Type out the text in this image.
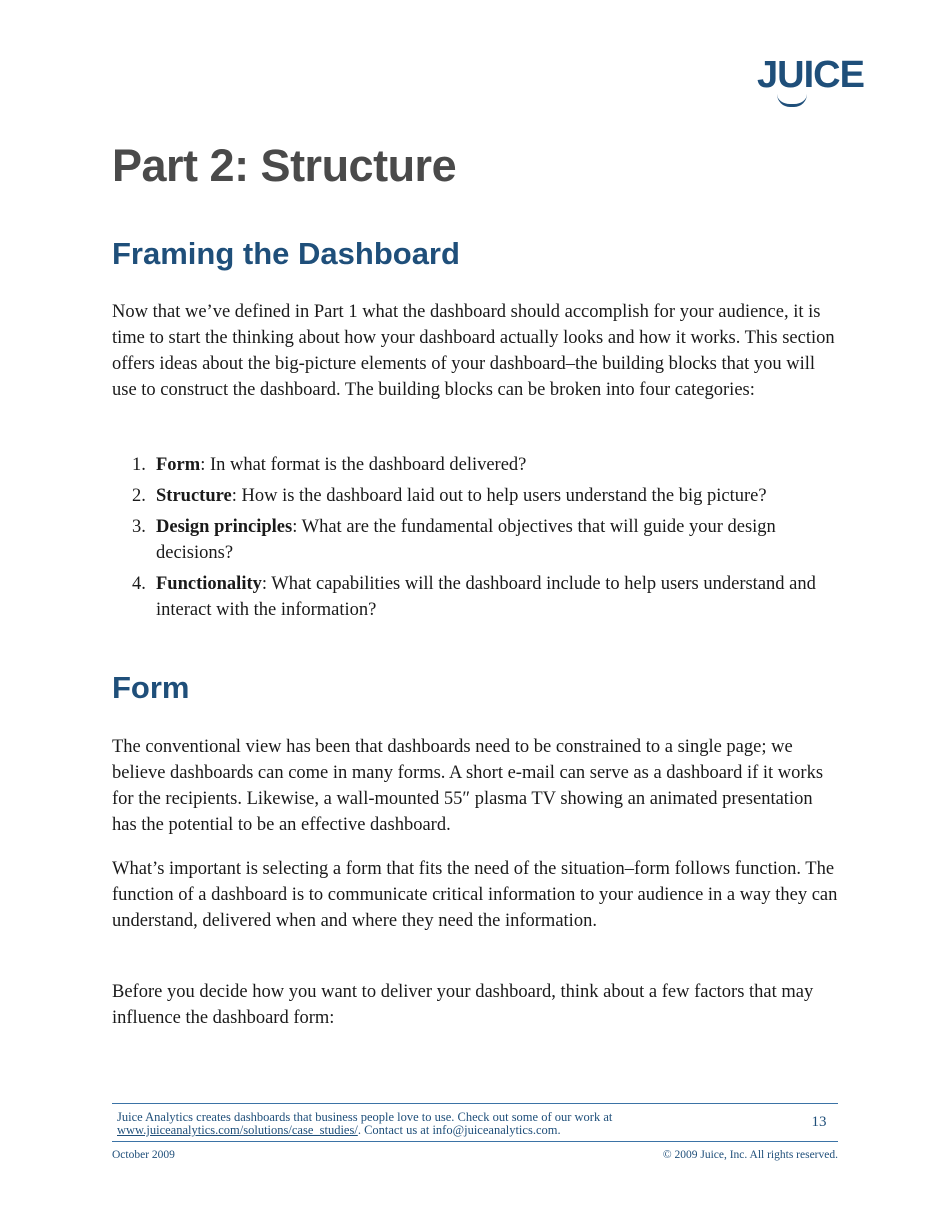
JUICE
Part 2: Structure
Framing the Dashboard

Now that we’ve defined in Part 1 what the dashboard should accomplish for your audience, it is time to start the thinking about how your dashboard actually looks and how it works. This section offers ideas about the big-picture elements of your dashboard–the building blocks that you will use to construct the dashboard. The building blocks can be broken into four categories:

1. Form: In what format is the dashboard delivered?
2. Structure: How is the dashboard laid out to help users understand the big picture?
3. Design principles: What are the fundamental objectives that will guide your design decisions?
4. Functionality: What capabilities will the dashboard include to help users understand and interact with the information?
Form

The conventional view has been that dashboards need to be constrained to a single page; we believe dashboards can come in many forms. A short e-mail can serve as a dashboard if it works for the recipients. Likewise, a wall-mounted 55″ plasma TV showing an animated presentation has the potential to be an effective dashboard.

What’s important is selecting a form that fits the need of the situation–form follows function. The function of a dashboard is to communicate critical information to your audience in a way they can understand, delivered when and where they need the information.

Before you decide how you want to deliver your dashboard, think about a few factors that may influence the dashboard form:

Juice Analytics creates dashboards that business people love to use. Check out some of our work at
www.juiceanalytics.com/solutions/case_studies/. Contact us at info@juiceanalytics.com.	13
October 2009	© 2009 Juice, Inc. All rights reserved.
